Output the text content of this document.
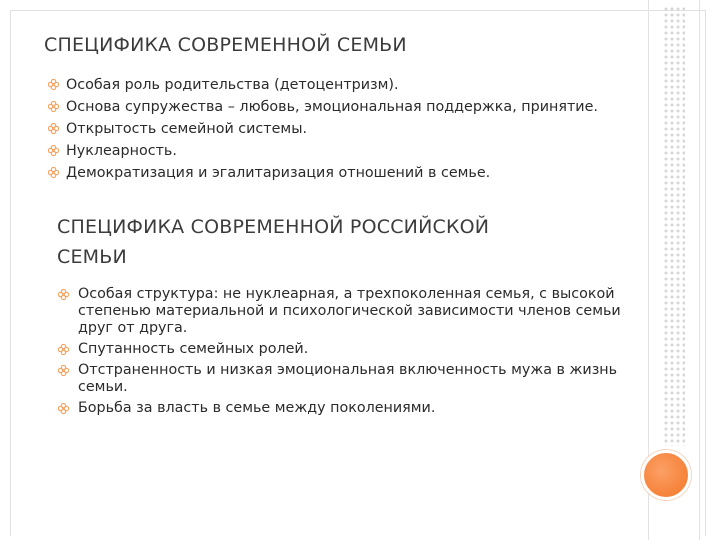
СПЕЦИФИКА СОВРЕМЕННОЙ СЕМЬИ
Особая роль родительства (детоцентризм).
Основа супружества – любовь, эмоциональная поддержка, принятие.
Открытость семейной системы.
Нуклеарность.
Демократизация и эгалитаризация отношений в семье.
СПЕЦИФИКА СОВРЕМЕННОЙ РОССИЙСКОЙ
СЕМЬИ
Особая структура: не нуклеарная, а трехпоколенная семья, с высокой степенью материальной и психологической зависимости членов семьи друг от друга.
Спутанность семейных ролей.
Отстраненность и низкая эмоциональная включенность мужа в жизнь семьи.
Борьба за власть в семье между поколениями.
